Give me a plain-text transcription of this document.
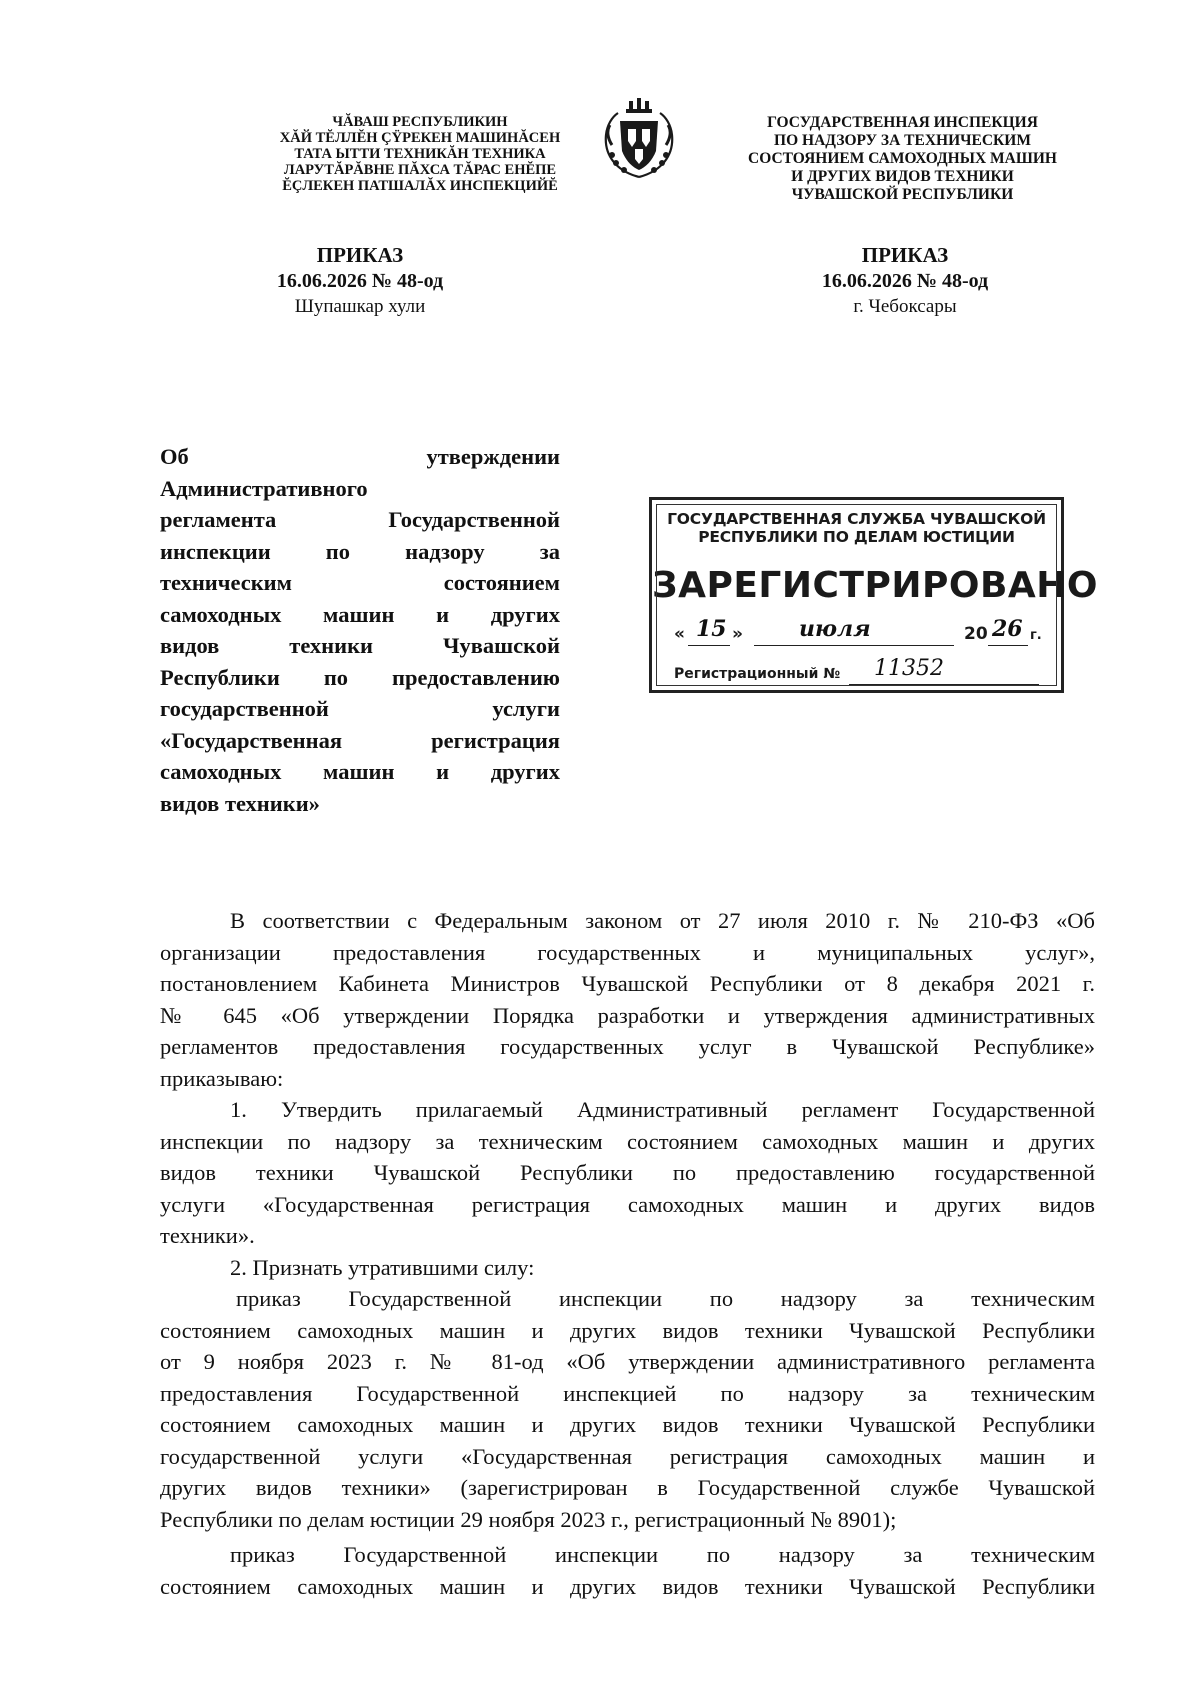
ЧĂВАШ РЕСПУБЛИКИН
ХĂЙ ТĔЛЛĔН ÇŸРЕКЕН МАШИНĂСЕН
ТАТА ЫТТИ ТЕХНИКĂН ТЕХНИКА
ЛАРУТĂРĂВНЕ ПĂХСА ТĂРАС ЕНĔПЕ
ĔÇЛЕКЕН ПАТШАЛĂХ ИНСПЕКЦИЙĔ
ГОСУДАРСТВЕННАЯ ИНСПЕКЦИЯ
ПО НАДЗОРУ ЗА ТЕХНИЧЕСКИМ
СОСТОЯНИЕМ САМОХОДНЫХ МАШИН
И ДРУГИХ ВИДОВ ТЕХНИКИ
ЧУВАШСКОЙ РЕСПУБЛИКИ
ПРИКАЗ
16.06.2026 № 48-од
Шупашкар хули
ПРИКАЗ
16.06.2026 № 48-од
г. Чебоксары
Об утверждении
Административного
регламента Государственной
инспекции по надзору за
техническим состоянием
самоходных машин и других
видов техники Чувашской
Республики по предоставлению
государственной услуги
«Государственная регистрация
самоходных машин и других
видов техники»
ГОСУДАРСТВЕННАЯ СЛУЖБА ЧУВАШСКОЙ
РЕСПУБЛИКИ ПО ДЕЛАМ ЮСТИЦИИ
ЗАРЕГИСТРИРОВАНО
« 15 »	июля	20 26 г.
Регистрационный № 11352
В соответствии с Федеральным законом от 27 июля 2010 г. № 210-ФЗ «Об
организации предоставления государственных и муниципальных услуг»,
постановлением Кабинета Министров Чувашской Республики от 8 декабря 2021 г.
№ 645 «Об утверждении Порядка разработки и утверждения административных
регламентов предоставления государственных услуг в Чувашской Республике»
приказываю:
1. Утвердить прилагаемый Административный регламент Государственной
инспекции по надзору за техническим состоянием самоходных машин и других
видов техники Чувашской Республики по предоставлению государственной
услуги «Государственная регистрация самоходных машин и других видов
техники».
2. Признать утратившими силу:
приказ Государственной инспекции по надзору за техническим
состоянием самоходных машин и других видов техники Чувашской Республики
от 9 ноября 2023 г. № 81-од «Об утверждении административного регламента
предоставления Государственной инспекцией по надзору за техническим
состоянием самоходных машин и других видов техники Чувашской Республики
государственной услуги «Государственная регистрация самоходных машин и
других видов техники» (зарегистрирован в Государственной службе Чувашской
Республики по делам юстиции 29 ноября 2023 г., регистрационный № 8901);
приказ Государственной инспекции по надзору за техническим
состоянием самоходных машин и других видов техники Чувашской Республики
